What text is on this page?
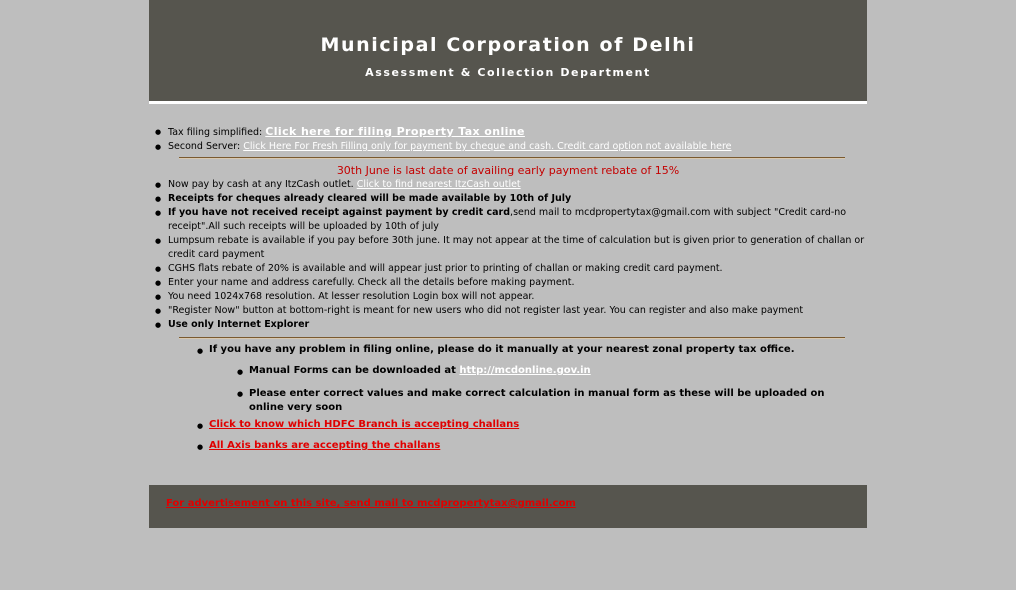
Municipal Corporation of Delhi
Assessment & Collection Department
● Tax filing simplified: Click here for filing Property Tax online
● Second Server: Click Here For Fresh Filling only for payment by cheque and cash. Credit card option not available here
30th June is last date of availing early payment rebate of 15%
● Now pay by cash at any ItzCash outlet. Click to find nearest ItzCash outlet
● Receipts for cheques already cleared will be made available by 10th of July
● If you have not received receipt against payment by credit card,send mail to mcdpropertytax@gmail.com with subject "Credit card-no receipt".All such receipts will be uploaded by 10th of july
● Lumpsum rebate is available if you pay before 30th june. It may not appear at the time of calculation but is given prior to generation of challan or credit card payment
● CGHS flats rebate of 20% is available and will appear just prior to printing of challan or making credit card payment.
● Enter your name and address carefully. Check all the details before making payment.
● You need 1024x768 resolution. At lesser resolution Login box will not appear.
● "Register Now" button at bottom-right is meant for new users who did not register last year. You can register and also make payment
● Use only Internet Explorer
● If you have any problem in filing online, please do it manually at your nearest zonal property tax office.
● Manual Forms can be downloaded at http://mcdonline.gov.in
● Please enter correct values and make correct calculation in manual form as these will be uploaded on online very soon
● Click to know which HDFC Branch is accepting challans
● All Axis banks are accepting the challans
For advertisement on this site, send mail to mcdpropertytax@gmail.com
